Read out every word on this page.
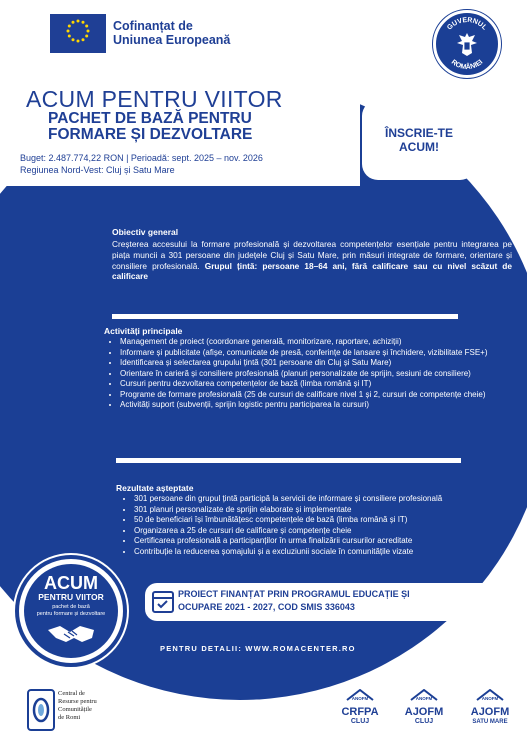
Cofinanțat de
Uniunea Europeană
GUVERNUL
ROMÂNIEI
ACUM PENTRU VIITOR
PACHET DE BAZĂ PENTRU
FORMARE ȘI DEZVOLTARE
Buget: 2.487.774,22 RON | Perioadă: sept. 2025 – nov. 2026
Regiunea Nord-Vest: Cluj și Satu Mare
ÎNSCRIE-TE
ACUM!
Obiectiv general
Creșterea accesului la formare profesională și dezvoltarea competențelor esențiale pentru integrarea pe piața muncii a 301 persoane din județele Cluj și Satu Mare, prin măsuri integrate de formare, orientare și consiliere profesională. Grupul țintă: persoane 18–64 ani, fără calificare sau cu nivel scăzut de calificare
Activități principale
• Management de proiect (coordonare generală, monitorizare, raportare, achiziții)
• Informare și publicitate (afișe, comunicate de presă, conferințe de lansare și închidere, vizibilitate FSE+)
• Identificarea și selectarea grupului țintă (301 persoane din Cluj și Satu Mare)
• Orientare în carieră și consiliere profesională (planuri personalizate de sprijin, sesiuni de consiliere)
• Cursuri pentru dezvoltarea competențelor de bază (limba română și IT)
• Programe de formare profesională (25 de cursuri de calificare nivel 1 și 2, cursuri de competențe cheie)
• Activități suport (subvenții, sprijin logistic pentru participarea la cursuri)
Rezultate așteptate
• 301 persoane din grupul țintă participă la servicii de informare și consiliere profesională
• 301 planuri personalizate de sprijin elaborate și implementate
• 50 de beneficiari își îmbunătățesc competențele de bază (limba română și IT)
• Organizarea a 25 de cursuri de calificare și competențe cheie
• Certificarea profesională a participanților în urma finalizării cursurilor acreditate
• Contribuție la reducerea șomajului și a excluziunii sociale în comunitățile vizate
ACUM
PENTRU VIITOR
pachet de bază
pentru formare și dezvoltare
PROIECT FINANȚAT PRIN PROGRAMUL EDUCAȚIE ȘI
OCUPARE 2021 - 2027, COD SMIS 336043
PENTRU DETALII: WWW.ROMACENTER.RO
Central de
Resurse pentru
Comunitățile
de Romi
ANOFM
CRFPA
CLUJ
ANOFM
AJOFM
CLUJ
ANOFM
AJOFM
SATU MARE
